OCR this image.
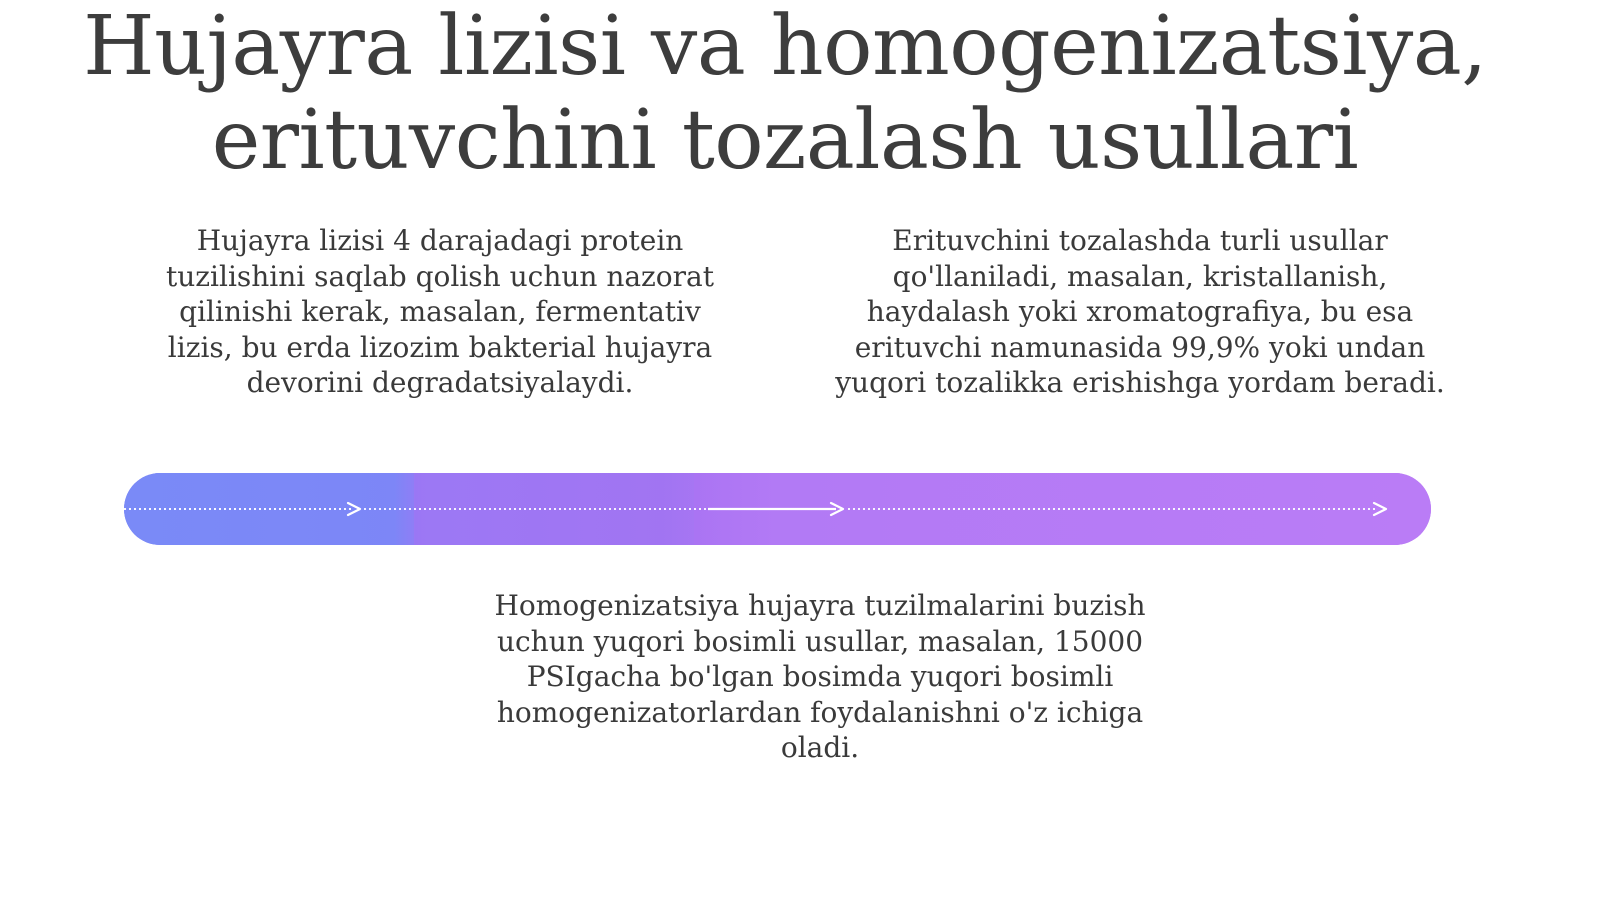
Hujayra lizisi va homogenizatsiya,
erituvchini tozalash usullari
Hujayra lizisi 4 darajadagi protein
tuzilishini saqlab qolish uchun nazorat
qilinishi kerak, masalan, fermentativ
lizis, bu erda lizozim bakterial hujayra
devorini degradatsiyalaydi.
Erituvchini tozalashda turli usullar
qo'llaniladi, masalan, kristallanish,
haydalash yoki xromatografiya, bu esa
erituvchi namunasida 99,9% yoki undan
yuqori tozalikka erishishga yordam beradi.
Homogenizatsiya hujayra tuzilmalarini buzish
uchun yuqori bosimli usullar, masalan, 15000
PSIgacha bo'lgan bosimda yuqori bosimli
homogenizatorlardan foydalanishni o'z ichiga
oladi.
